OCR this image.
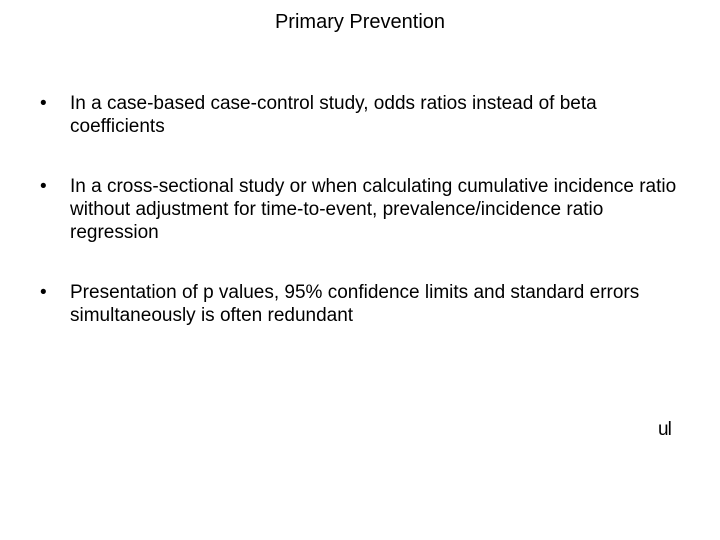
Primary Prevention
• In a case-based case-control study, odds ratios instead of beta coefficients
• In a cross-sectional study or when calculating cumulative incidence ratio without adjustment for time-to-event, prevalence/incidence ratio regression
• Presentation of p values, 95% confidence limits and standard errors simultaneously is often redundant
ul
